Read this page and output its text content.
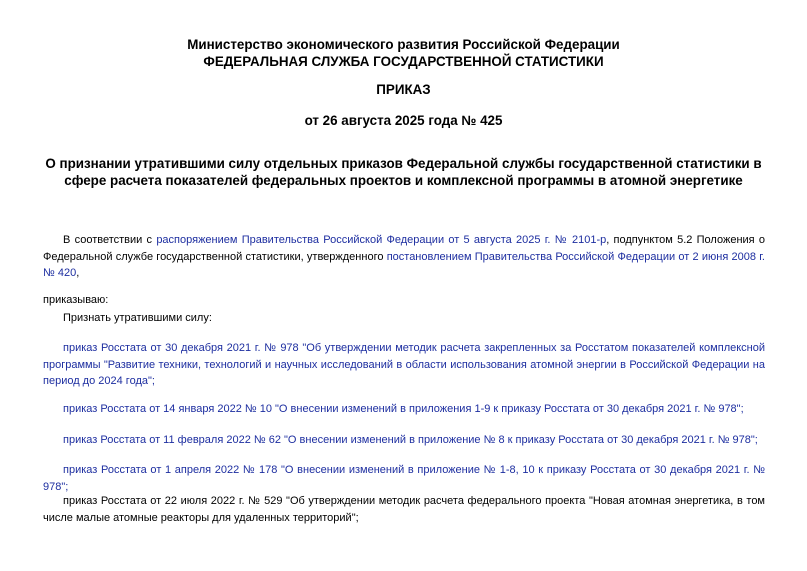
Министерство экономического развития Российской Федерации
ФЕДЕРАЛЬНАЯ СЛУЖБА ГОСУДАРСТВЕННОЙ СТАТИСТИКИ
ПРИКАЗ
от 26 августа 2025 года № 425
О признании утратившими силу отдельных приказов Федеральной службы государственной статистики в сфере расчета показателей федеральных проектов и комплексной программы в атомной энергетике
В соответствии с распоряжением Правительства Российской Федерации от 5 августа 2025 г. № 2101-р, подпунктом 5.2 Положения о Федеральной службе государственной статистики, утвержденного постановлением Правительства Российской Федерации от 2 июня 2008 г. № 420,
приказываю:
Признать утратившими силу:
приказ Росстата от 30 декабря 2021 г. № 978 "Об утверждении методик расчета закрепленных за Росстатом показателей комплексной программы "Развитие техники, технологий и научных исследований в области использования атомной энергии в Российской Федерации на период до 2024 года";
приказ Росстата от 14 января 2022 № 10 "О внесении изменений в приложения 1-9 к приказу Росстата от 30 декабря 2021 г. № 978";
приказ Росстата от 11 февраля 2022 № 62 "О внесении изменений в приложение № 8 к приказу Росстата от 30 декабря 2021 г. № 978";
приказ Росстата от 1 апреля 2022 № 178 "О внесении изменений в приложение № 1-8, 10 к приказу Росстата от 30 декабря 2021 г. № 978";
приказ Росстата от 22 июля 2022 г. № 529 "Об утверждении методик расчета федерального проекта "Новая атомная энергетика, в том числе малые атомные реакторы для удаленных территорий";
